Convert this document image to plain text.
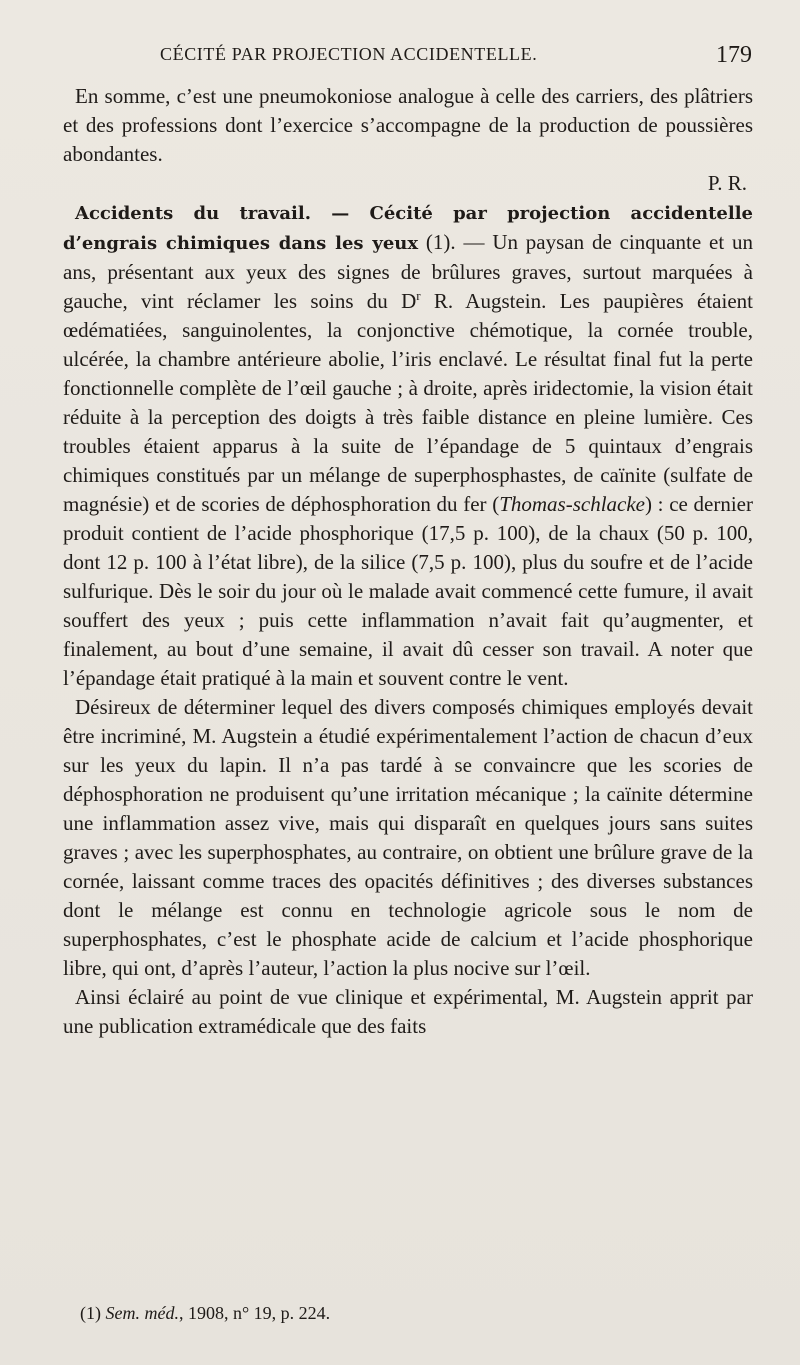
CÉCITÉ PAR PROJECTION ACCIDENTELLE.	179

En somme, c’est une pneumokoniose analogue à celle des carriers, des plâtriers et des professions dont l’exercice s’accompagne de la production de poussières abondantes.

P. R.

Accidents du travail. — Cécité par projection accidentelle d’engrais chimiques dans les yeux (1). — Un paysan de cinquante et un ans, présentant aux yeux des signes de brûlures graves, surtout marquées à gauche, vint réclamer les soins du $D^r$ R. Augstein. Les paupières étaient œdématiées, sanguinolentes, la conjonctive chémotique, la cornée trouble, ulcérée, la chambre antérieure abolie, l’iris enclavé. Le résultat final fut la perte fonctionnelle complète de l’œil gauche ; à droite, après iridectomie, la vision était réduite à la perception des doigts à très faible distance en pleine lumière. Ces troubles étaient apparus à la suite de l’épandage de 5 quintaux d’engrais chimiques constitués par un mélange de superphosphastes, de caïnite (sulfate de magnésie) et de scories de déphosphoration du fer (Thomas-schlacke) : ce dernier produit contient de l’acide phosphorique (17,5 p. 100), de la chaux (50 p. 100, dont 12 p. 100 à l’état libre), de la silice (7,5 p. 100), plus du soufre et de l’acide sulfurique. Dès le soir du jour où le malade avait commencé cette fumure, il avait souffert des yeux ; puis cette inflammation n’avait fait qu’augmenter, et finalement, au bout d’une semaine, il avait dû cesser son travail. A noter que l’épandage était pratiqué à la main et souvent contre le vent.

Désireux de déterminer lequel des divers composés chimiques employés devait être incriminé, M. Augstein a étudié expérimentalement l’action de chacun d’eux sur les yeux du lapin. Il n’a pas tardé à se convaincre que les scories de déphosphoration ne produisent qu’une irritation mécanique ; la caïnite détermine une inflammation assez vive, mais qui disparaît en quelques jours sans suites graves ; avec les superphosphates, au contraire, on obtient une brûlure grave de la cornée, laissant comme traces des opacités définitives ; des diverses substances dont le mélange est connu en technologie agricole sous le nom de superphosphates, c’est le phosphate acide de calcium et l’acide phosphorique libre, qui ont, d’après l’auteur, l’action la plus nocive sur l’œil.

Ainsi éclairé au point de vue clinique et expérimental, M. Augstein apprit par une publication extramédicale que des faits

(1) Sem. méd., 1908, n° 19, p. 224.
